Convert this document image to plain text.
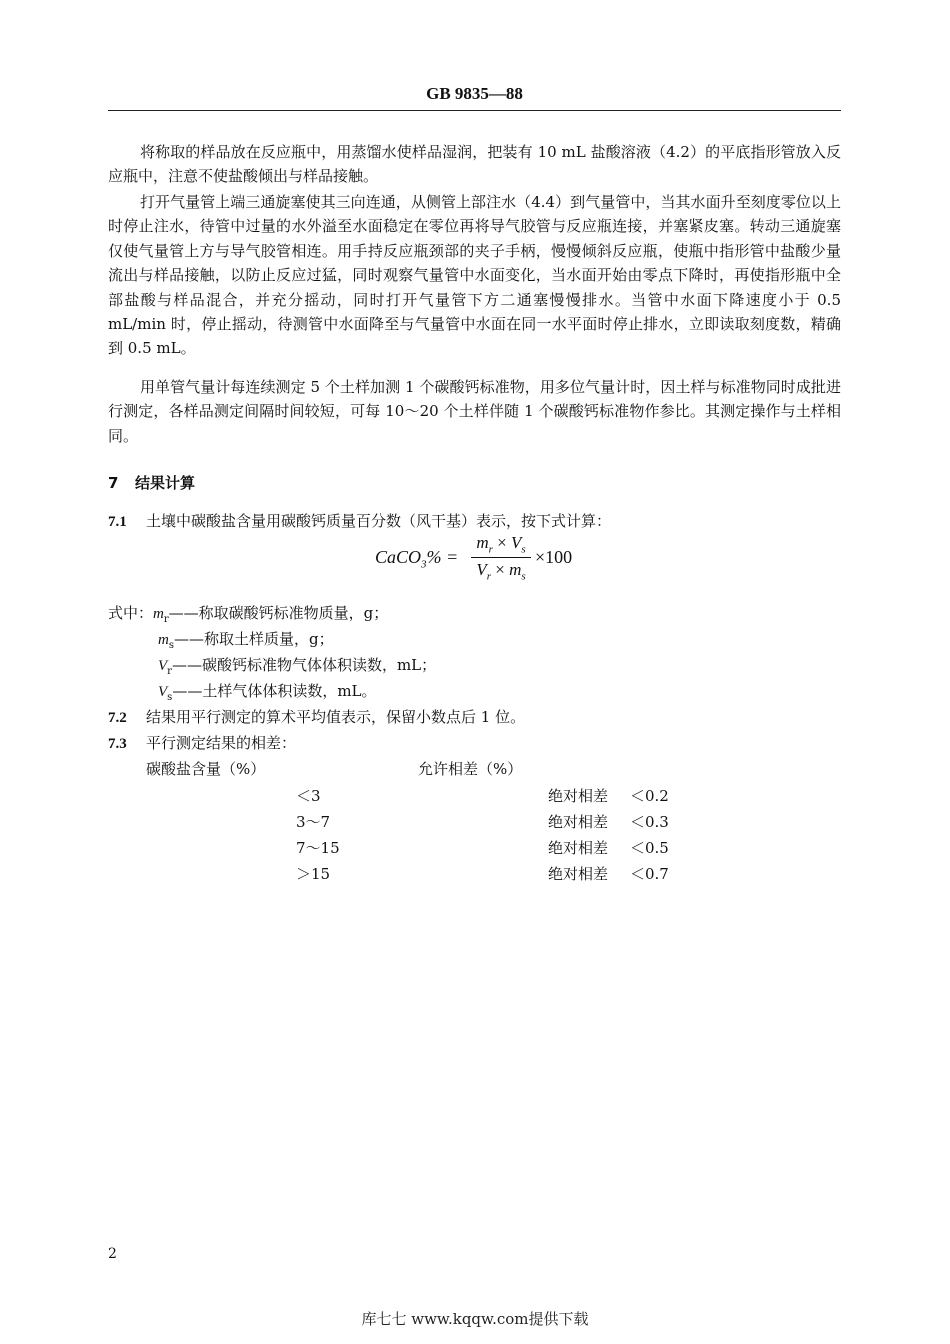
GB 9835—88

将称取的样品放在反应瓶中，用蒸馏水使样品湿润，把装有 10 mL 盐酸溶液（4.2）的平底指形管放入反应瓶中，注意不使盐酸倾出与样品接触。

打开气量管上端三通旋塞使其三向连通，从侧管上部注水（4.4）到气量管中，当其水面升至刻度零位以上时停止注水，待管中过量的水外溢至水面稳定在零位再将导气胶管与反应瓶连接，并塞紧皮塞。转动三通旋塞仅使气量管上方与导气胶管相连。用手持反应瓶颈部的夹子手柄，慢慢倾斜反应瓶，使瓶中指形管中盐酸少量流出与样品接触，以防止反应过猛，同时观察气量管中水面变化，当水面开始由零点下降时，再使指形瓶中全部盐酸与样品混合，并充分摇动，同时打开气量管下方二通塞慢慢排水。当管中水面下降速度小于 0.5 mL/min 时，停止摇动，待测管中水面降至与气量管中水面在同一水平面时停止排水，立即读取刻度数，精确到 0.5 mL。

用单管气量计每连续测定 5 个土样加测 1 个碳酸钙标准物，用多位气量计时，因土样与标准物同时成批进行测定，各样品测定间隔时间较短，可每 10～20 个土样伴随 1 个碳酸钙标准物作参比。其测定操作与土样相同。

7 结果计算
7.1 土壤中碳酸盐含量用碳酸钙质量百分数（风干基）表示，按下式计算：
CaCO$_3$% =
$m_r \times V_s$
$V_r \times m_s$
×100
式中：$m_r——$称取碳酸钙标准物质量，g；
$m_s——$称取土样质量，g；
$V_r——$碳酸钙标准物气体体积读数，mL；
$V_s——$土样气体体积读数，mL。
7.2 结果用平行测定的算术平均值表示，保留小数点后 1 位。
7.3 平行测定结果的相差：
碳酸盐含量（%）	允许相差（%）
＜3	绝对相差 ＜0.2
3～7	绝对相差 ＜0.3
7～15	绝对相差 ＜0.5
＞15	绝对相差 ＜0.7
2
库七七 www.kqqw.com提供下载
